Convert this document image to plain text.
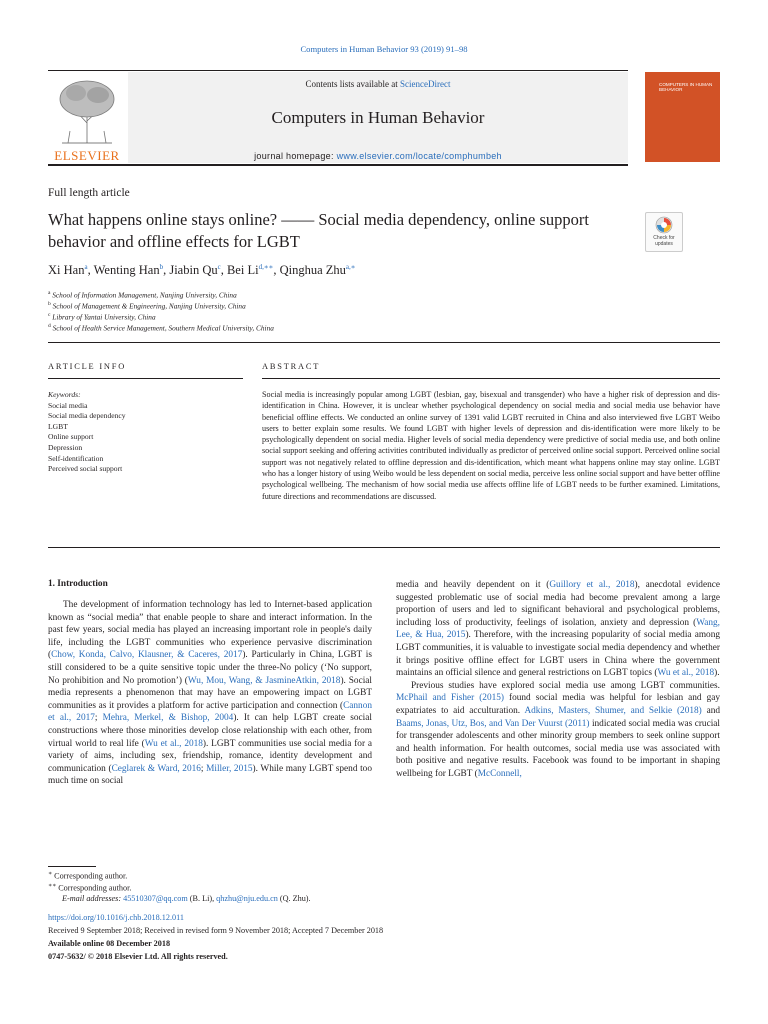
Computers in Human Behavior 93 (2019) 91–98
ELSEVIER
Contents lists available at ScienceDirect
Computers in Human Behavior
journal homepage: www.elsevier.com/locate/comphumbeh
COMPUTERS IN HUMAN BEHAVIOR
Full length article
What happens online stays online? —— Social media dependency, online support behavior and offline effects for LGBT	Check for updates
Xi Han$^a$, Wenting Han$^b$, Jiabin Qu$^c$, Bei $Li^{d,∗∗}$, Qinghua Zhu$^{a,∗}$
$^a$ School of Information Management, Nanjing University, China
$^b$ School of Management & Engineering, Nanjing University, China
$^c$ Library of Yantai University, China
$^d$ School of Health Service Management, Southern Medical University, China
ARTICLE INFO	ABSTRACT
Keywords:
Social media
Social media dependency
LGBT
Online support
Depression
Self-identification
Perceived social support
Social media is increasingly popular among LGBT (lesbian, gay, bisexual and transgender) who have a higher risk of depression and dis-identification in China. However, it is unclear whether psychological dependency on social media and social media use behavior have beneficial offline effects. We conducted an online survey of 1391 valid LGBT recruited in China and also interviewed five LGBT Weibo users to better explain some results. We found LGBT with higher levels of depression and dis-identification were more likely to be psychologically dependent on social media. Higher levels of social media dependency were predictive of social media use, and both online social support seeking and offering activities contributed individually as predictor of perceived online social support. Perceived online social support was not negatively related to offline depression and dis-identification, which meant what happens online may stay online. LGBT who has a longer history of using Weibo would be less dependent on social media, perceive less online social support and have better offline psychological wellbeing. The mechanism of how social media use affects offline life of LGBT needs to be further examined. Limitations, future directions and recommendations are discussed.
1. Introduction

The development of information technology has led to Internet-based application known as “social media” that enable people to share and interact information. In the past few years, social media has played an increasing important role in people's daily life, including the LGBT communities who experience pervasive discrimination (Chow, Konda, Calvo, Klausner, & Caceres, 2017). Particularly in China, LGBT is still considered to be a quite sensitive topic under the three-No policy (‘No support, No prohibition and No promotion’) (Wu, Mou, Wang, & JasmineAtkin, 2018). Social media represents a phenomenon that may have an empowering impact on LGBT communities as it provides a platform for active participation and connection (Cannon et al., 2017; Mehra, Merkel, & Bishop, 2004). It can help LGBT create social constructions where those minorities develop close relationship with each other, from virtual world to real life (Wu et al., 2018). LGBT communities use social media for a variety of aims, including sex, friendship, romance, identity development and communication (Ceglarek & Ward, 2016; Miller, 2015). While many LGBT spend too much time on social

media and heavily dependent on it (Guillory et al., 2018), anecdotal evidence suggested problematic use of social media had become prevalent among a large proportion of users and led to significant behavioral and psychological problems, including loss of productivity, feelings of isolation, anxiety and depression (Wang, Lee, & Hua, 2015). Therefore, with the increasing popularity of social media among LGBT communities, it is valuable to investigate social media dependency and whether it brings positive offline effect for LGBT users in China where the government maintains an official silence and general restrictions on LGBT topics (Wu et al., 2018).

Previous studies have explored social media use among LGBT communities. McPhail and Fisher (2015) found social media was helpful for lesbian and gay expatriates to aid acculturation. Adkins, Masters, Shumer, and Selkie (2018) and Baams, Jonas, Utz, Bos, and Van Der Vuurst (2011) indicated social media was crucial for transgender adolescents and other minority group members to seek online support and health information. For health outcomes, social media use was associated with both positive and negative results. Facebook was found to be important in shaping wellbeing for LGBT (McConnell,

∗ Corresponding author.
∗∗ Corresponding author.
E-mail addresses: 45510307@qq.com (B. Li), qhzhu@nju.edu.cn (Q. Zhu).
https://doi.org/10.1016/j.chb.2018.12.011
Received 9 September 2018; Received in revised form 9 November 2018; Accepted 7 December 2018
Available online 08 December 2018
0747-5632/ © 2018 Elsevier Ltd. All rights reserved.
